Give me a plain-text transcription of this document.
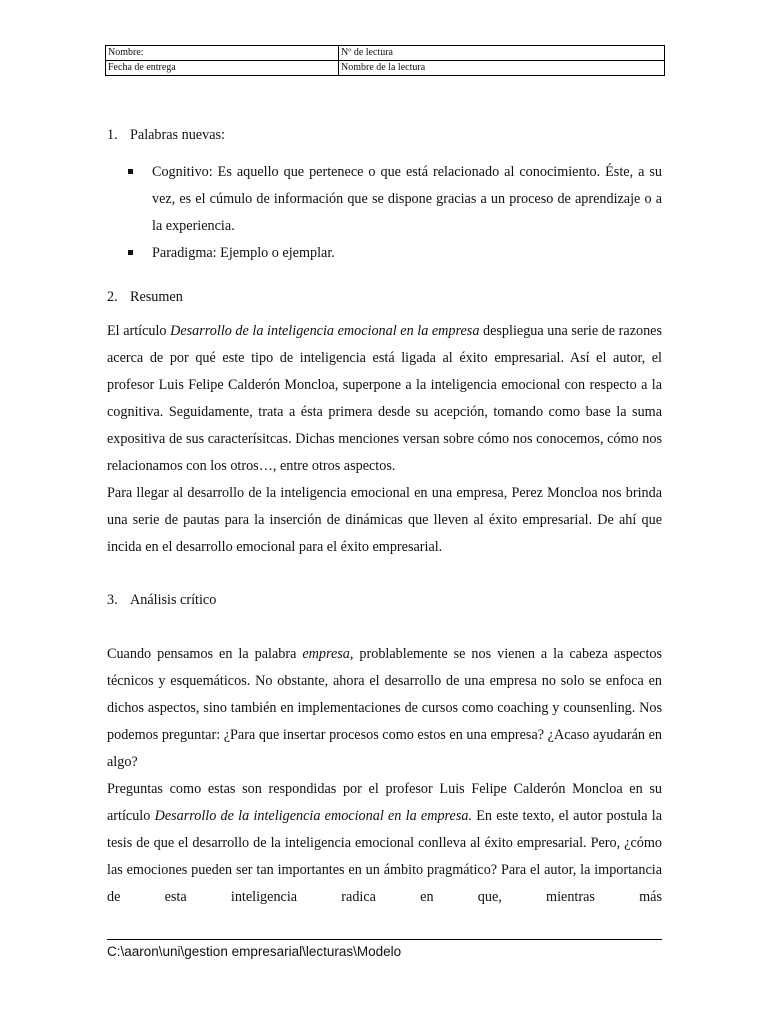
Nombre:	Nº de lectura
Fecha de entrega	Nombre de la lectura
1. Palabras nuevas:
Cognitivo: Es aquello que pertenece o que está relacionado al conocimiento. Éste, a su vez, es el cúmulo de información que se dispone gracias a un proceso de aprendizaje o a la experiencia.
Paradigma: Ejemplo o ejemplar.
2. Resumen

El artículo Desarrollo de la inteligencia emocional en la empresa despliegua una serie de razones acerca de por qué este tipo de inteligencia está ligada al éxito empresarial. Así el autor, el profesor Luis Felipe Calderón Moncloa, superpone a la inteligencia emocional con respecto a la cognitiva. Seguidamente, trata a ésta primera desde su acepción, tomando como base la suma expositiva de sus caracterísitcas. Dichas menciones versan sobre cómo nos conocemos, cómo nos relacionamos con los otros…, entre otros aspectos.

Para llegar al desarrollo de la inteligencia emocional en una empresa, Perez Moncloa nos brinda una serie de pautas para la inserción de dinámicas que lleven al éxito empresarial. De ahí que incida en el desarrollo emocional para el éxito empresarial.

3. Análisis crítico

Cuando pensamos en la palabra empresa, problablemente se nos vienen a la cabeza aspectos técnicos y esquemáticos. No obstante, ahora el desarrollo de una empresa no solo se enfoca en dichos aspectos, sino también en implementaciones de cursos como coaching y counsenling. Nos podemos preguntar: ¿Para que insertar procesos como estos en una empresa? ¿Acaso ayudarán en algo?

Preguntas como estas son respondidas por el profesor Luis Felipe Calderón Moncloa en su artículo Desarrollo de la inteligencia emocional en la empresa. En este texto, el autor postula la tesis de que el desarrollo de la inteligencia emocional conlleva al éxito empresarial. Pero, ¿cómo las emociones pueden ser tan importantes en un ámbito pragmático? Para el autor, la importancia de esta inteligencia radica en que, mientras más

C:\aaron\uni\gestion empresarial\lecturas\Modelo
